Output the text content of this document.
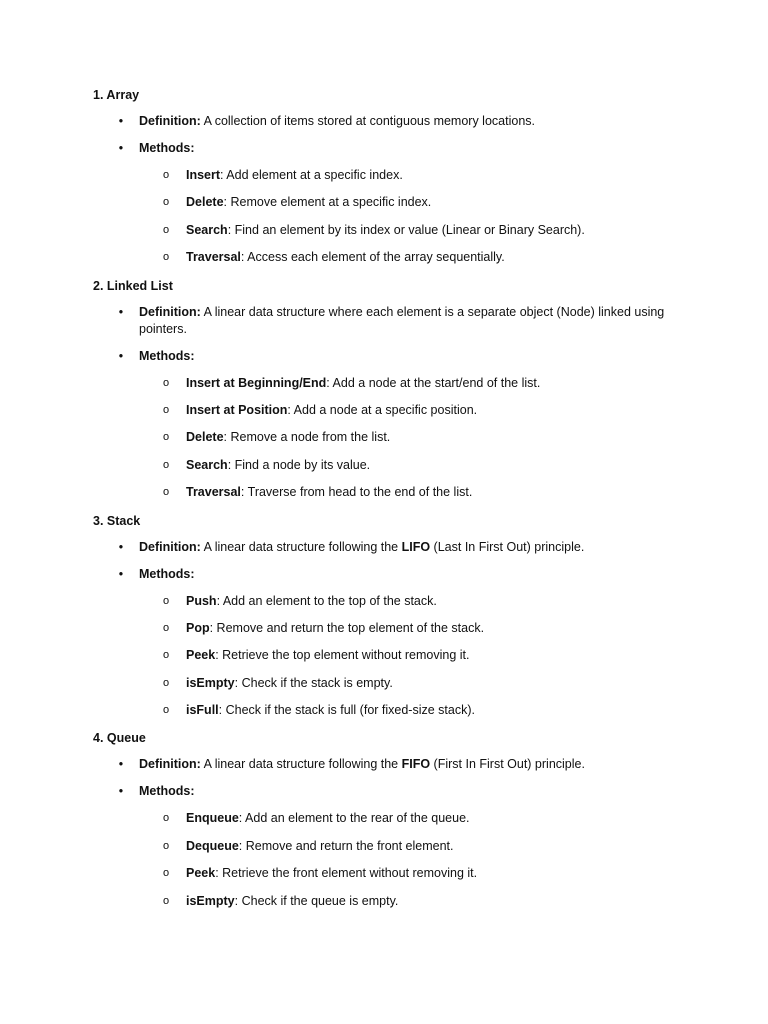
1. Array
• Definition: A collection of items stored at contiguous memory locations.
• Methods:
o Insert: Add element at a specific index.
o Delete: Remove element at a specific index.
o Search: Find an element by its index or value (Linear or Binary Search).
o Traversal: Access each element of the array sequentially.
2. Linked List
• Definition: A linear data structure where each element is a separate object (Node) linked using pointers.
• Methods:
o Insert at Beginning/End: Add a node at the start/end of the list.
o Insert at Position: Add a node at a specific position.
o Delete: Remove a node from the list.
o Search: Find a node by its value.
o Traversal: Traverse from head to the end of the list.
3. Stack
• Definition: A linear data structure following the LIFO (Last In First Out) principle.
• Methods:
o Push: Add an element to the top of the stack.
o Pop: Remove and return the top element of the stack.
o Peek: Retrieve the top element without removing it.
o isEmpty: Check if the stack is empty.
o isFull: Check if the stack is full (for fixed-size stack).
4. Queue
• Definition: A linear data structure following the FIFO (First In First Out) principle.
• Methods:
o Enqueue: Add an element to the rear of the queue.
o Dequeue: Remove and return the front element.
o Peek: Retrieve the front element without removing it.
o isEmpty: Check if the queue is empty.
